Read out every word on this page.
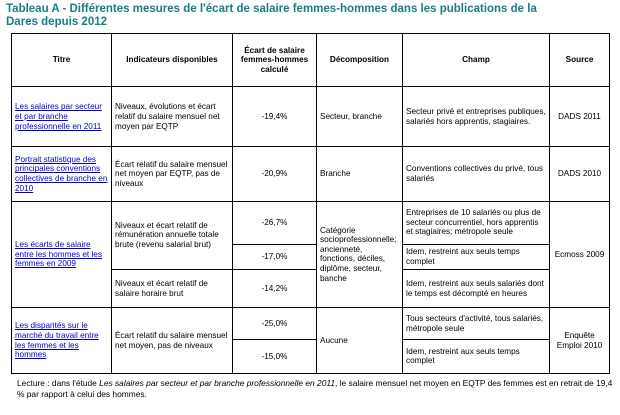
Tableau A - Différentes mesures de l'écart de salaire femmes-hommes dans les publications de la

Dares depuis 2012

Titre	Indicateurs disponibles	Écart de salaire femmes-hommes calculé	Décomposition	Champ	Source
Les salaires par secteur et par branche professionnelle en 2011	Niveaux, évolutions et écart relatif du salaire mensuel net moyen par EQTP	-19,4%	Secteur, branche	Secteur privé et entreprises publiques, salariés hors apprentis, stagiaires.	DADS 2011
Portrait statistique des principales conventions collectives de branche en 2010	Écart relatif du salaire mensuel net moyen par EQTP, pas de niveaux	-20,9%	Branche	Conventions collectives du privé, tous salariés	DADS 2010
Les écarts de salaire entre les hommes et les femmes en 2009	Niveaux et écart relatif de rémunération annuelle totale brute (revenu salarial brut)	-26,7%	Catégorie socioprofessionnelle; ancienneté, fonctions, déciles, diplôme, secteur, banche	Entreprises de 10 salariés ou plus de secteur concurrentiel, hors apprentis et stagiaires; métropole seule	Ecmoss 2009
		-17,0%		Idem, restreint aux seuls temps complet	
	Niveaux et écart relatif de salaire horaire brut	-14,2%		Idem, restreint aux seuls salariés dont le temps est décompté en heures	
Les disparités sur le marché du travail entre les femmes et les hommes	Écart relatif du salaire mensuel net moyen, pas de niveaux	-25,0%	Aucune	Tous secteurs d'activité, tous salariés, métropole seule	Enquête Emploi 2010
		-15,0%		Idem, restreint aux seuls temps complet	
Lecture : dans l'étude Les salaires par secteur et par branche professionnelle en 2011, le salaire mensuel net moyen en EQTP des femmes est en retrait de 19,4 % par rapport à celui des hommes.
